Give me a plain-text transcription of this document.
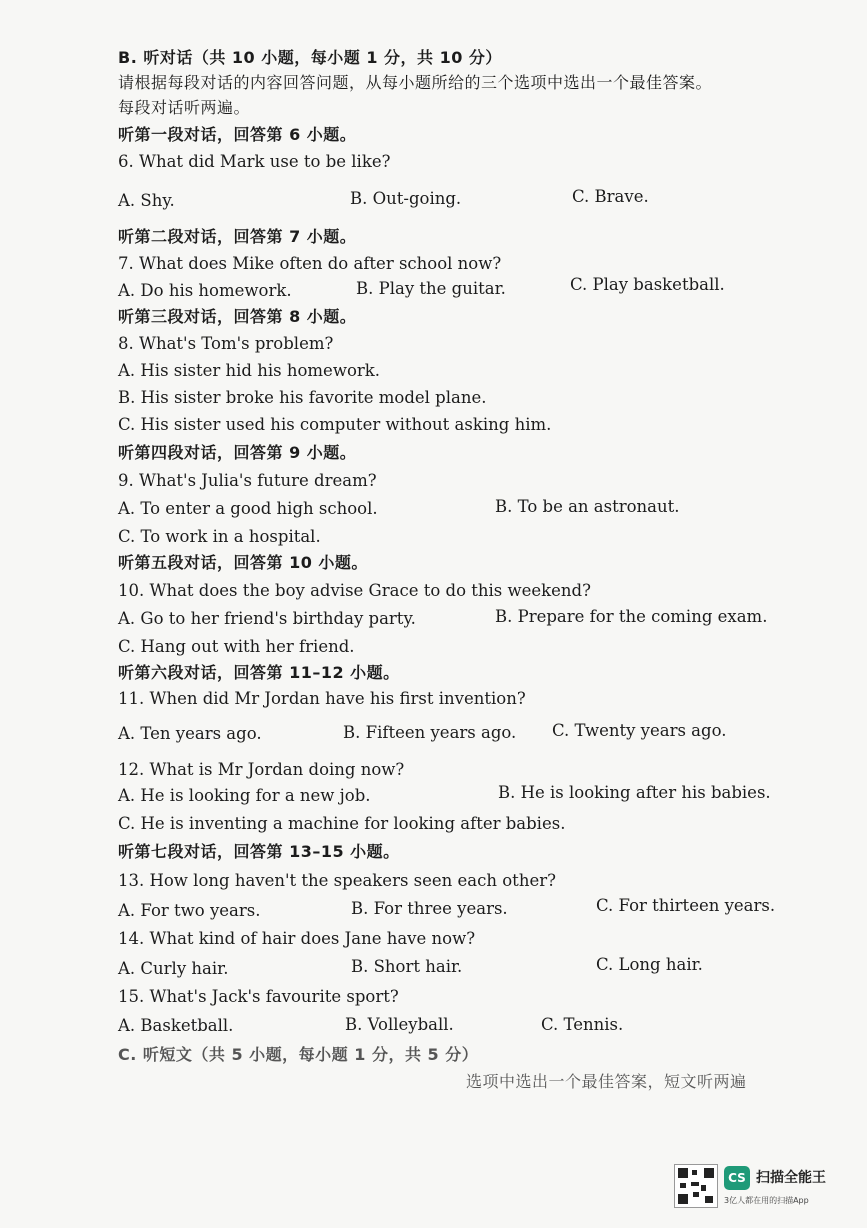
B. 听对话（共 10 小题，每小题 1 分，共 10 分）
请根据每段对话的内容回答问题，从每小题所给的三个选项中选出一个最佳答案。
每段对话听两遍。
听第一段对话，回答第 6 小题。
6. What did Mark use to be like?
A. Shy.	B. Out-going.	C. Brave.
听第二段对话，回答第 7 小题。
7. What does Mike often do after school now?
A. Do his homework.	B. Play the guitar.	C. Play basketball.
听第三段对话，回答第 8 小题。
8. What's Tom's problem?
A. His sister hid his homework.
B. His sister broke his favorite model plane.
C. His sister used his computer without asking him.
听第四段对话，回答第 9 小题。
9. What's Julia's future dream?
A. To enter a good high school.	B. To be an astronaut.
C. To work in a hospital.
听第五段对话，回答第 10 小题。
10. What does the boy advise Grace to do this weekend?
A. Go to her friend's birthday party.	B. Prepare for the coming exam.
C. Hang out with her friend.
听第六段对话，回答第 11–12 小题。
11. When did Mr Jordan have his first invention?
A. Ten years ago.	B. Fifteen years ago. C. Twenty years ago.
12. What is Mr Jordan doing now?
A. He is looking for a new job.	B. He is looking after his babies.
C. He is inventing a machine for looking after babies.
听第七段对话，回答第 13–15 小题。
13. How long haven't the speakers seen each other?
A. For two years.	B. For three years.	C. For thirteen years.
14. What kind of hair does Jane have now?
A. Curly hair.	B. Short hair.	C. Long hair.
15. What's Jack's favourite sport?
A. Basketball.	B. Volleyball.	C. Tennis.
C. 听短文（共 5 小题，每小题 1 分，共 5 分）
选项中选出一个最佳答案，短文听两遍
CS 扫描全能王
3亿人都在用的扫描App
